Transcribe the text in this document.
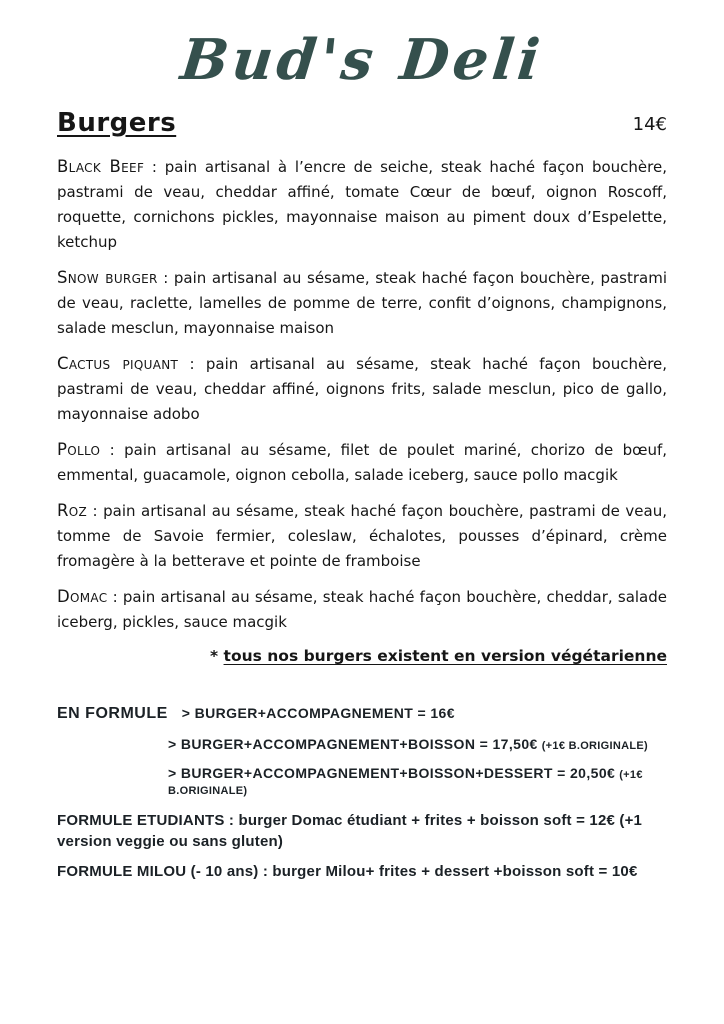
Bud's Deli
Burgers	14€

Black Beef : pain artisanal à l’encre de seiche, steak haché façon bouchère, pastrami de veau, cheddar affiné, tomate Cœur de bœuf, oignon Roscoff, roquette, cornichons pickles, mayonnaise maison au piment doux d’Espelette, ketchup

Snow burger : pain artisanal au sésame, steak haché façon bouchère, pastrami de veau, raclette, lamelles de pomme de terre, confit d’oignons, champignons, salade mesclun, mayonnaise maison

Cactus piquant : pain artisanal au sésame, steak haché façon bouchère, pastrami de veau, cheddar affiné, oignons frits, salade mesclun, pico de gallo, mayonnaise adobo

Pollo : pain artisanal au sésame, filet de poulet mariné, chorizo de bœuf, emmental, guacamole, oignon cebolla, salade iceberg, sauce pollo macgik

Roz : pain artisanal au sésame, steak haché façon bouchère, pastrami de veau, tomme de Savoie fermier, coleslaw, échalotes, pousses d’épinard, crème fromagère à la betterave et pointe de framboise

Domac : pain artisanal au sésame, steak haché façon bouchère, cheddar, salade iceberg, pickles, sauce macgik

* tous nos burgers existent en version végétarienne
EN FORMULE > BURGER+ACCOMPAGNEMENT = 16€
> BURGER+ACCOMPAGNEMENT+BOISSON = 17,50€ (+1€ B.ORIGINALE)
> BURGER+ACCOMPAGNEMENT+BOISSON+DESSERT = 20,50€ (+1€ B.ORIGINALE)

FORMULE ETUDIANTS : burger Domac étudiant + frites + boisson soft = 12€ (+1 version veggie ou sans gluten)

FORMULE MILOU (- 10 ans) : burger Milou+ frites + dessert +boisson soft = 10€
